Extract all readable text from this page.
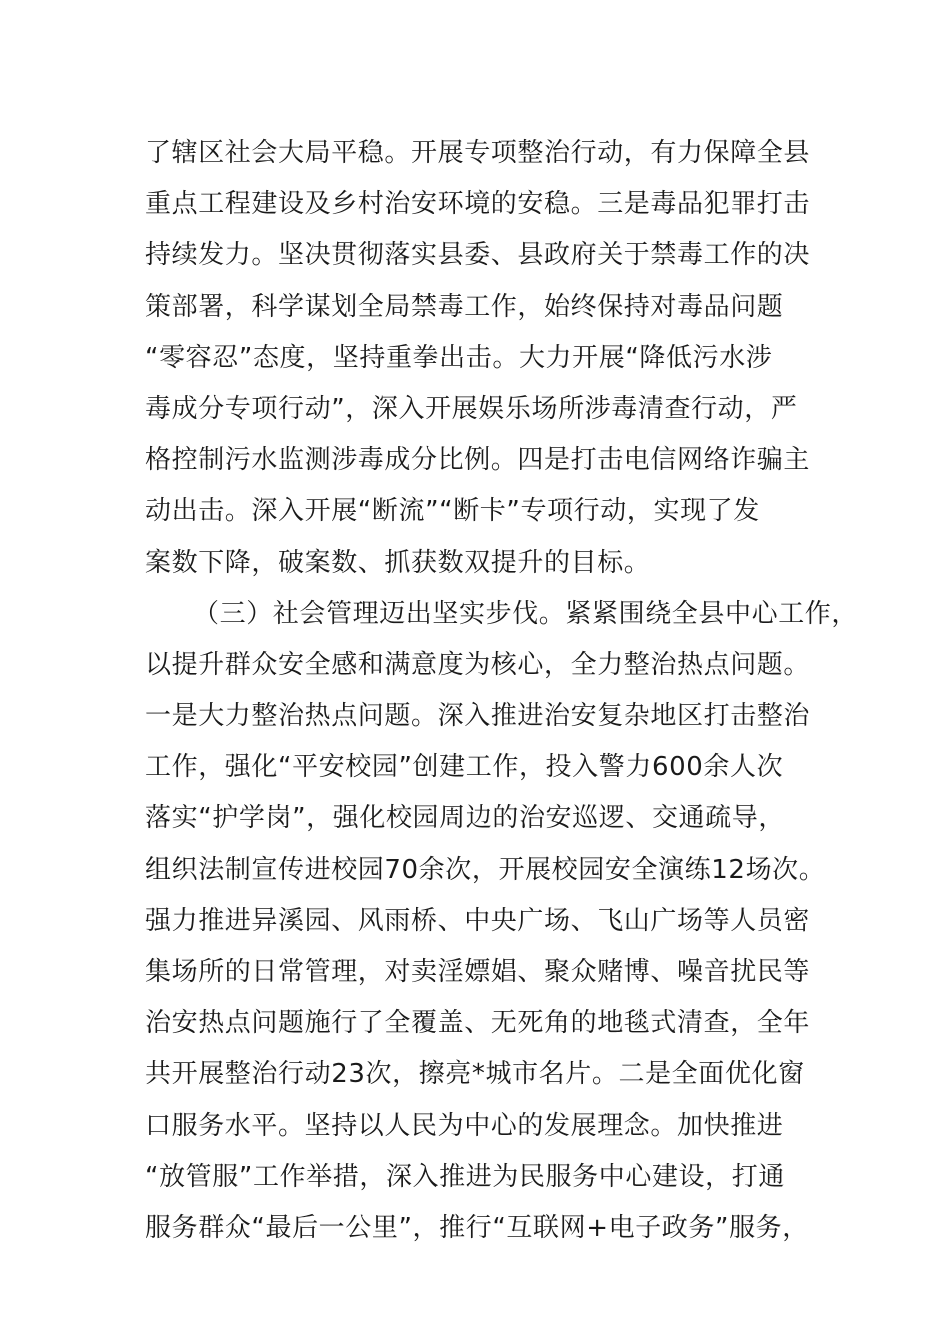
了辖区社会大局平稳。开展专项整治行动，有力保障全县
重点工程建设及乡村治安环境的安稳。三是毒品犯罪打击
持续发力。坚决贯彻落实县委、县政府关于禁毒工作的决
策部署，科学谋划全局禁毒工作，始终保持对毒品问题
“零容忍”态度，坚持重拳出击。大力开展“降低污水涉
毒成分专项行动”，深入开展娱乐场所涉毒清查行动，严
格控制污水监测涉毒成分比例。四是打击电信网络诈骗主
动出击。深入开展“断流”“断卡”专项行动，实现了发
案数下降，破案数、抓获数双提升的目标。
（三）社会管理迈出坚实步伐。紧紧围绕全县中心工作，
以提升群众安全感和满意度为核心，全力整治热点问题。
一是大力整治热点问题。深入推进治安复杂地区打击整治
工作，强化“平安校园”创建工作，投入警力600余人次
落实“护学岗”，强化校园周边的治安巡逻、交通疏导，
组织法制宣传进校园70余次，开展校园安全演练12场次。
强力推进异溪园、风雨桥、中央广场、飞山广场等人员密
集场所的日常管理，对卖淫嫖娼、聚众赌博、噪音扰民等
治安热点问题施行了全覆盖、无死角的地毯式清查，全年
共开展整治行动23次，擦亮*城市名片。二是全面优化窗
口服务水平。坚持以人民为中心的发展理念。加快推进
“放管服”工作举措，深入推进为民服务中心建设，打通
服务群众“最后一公里”，推行“互联网+电子政务”服务，
